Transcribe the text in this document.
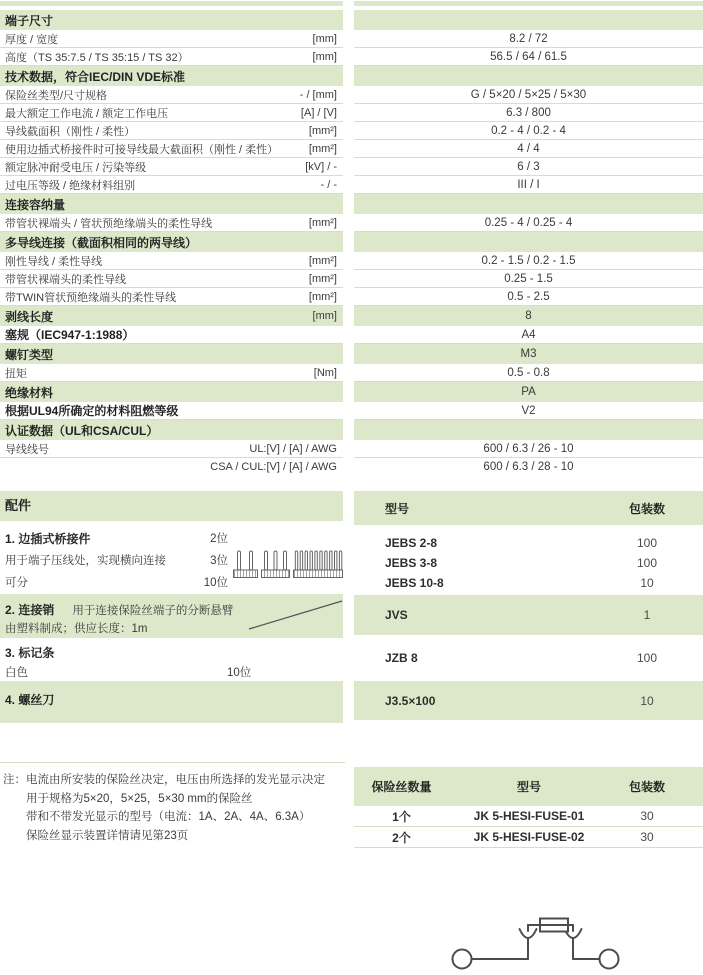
端子尺寸
厚度 / 宽度	[mm]	8.2 / 72
高度（TS 35:7.5 / TS 35:15 / TS 32）	[mm]	56.5 / 64 / 61.5
技术数据，符合IEC/DIN VDE标准
保险丝类型/尺寸规格	- / [mm]	G / 5×20 / 5×25 / 5×30
最大额定工作电流 / 额定工作电压	[A] / [V]	6.3 / 800
导线截面积（刚性 / 柔性）	[mm²]	0.2 - 4 / 0.2 - 4
使用边插式桥接件时可接导线最大截面积（刚性 / 柔性）	[mm²]	4 / 4
额定脉冲耐受电压 / 污染等级	[kV] / -	6 / 3
过电压等级 / 绝缘材料组别	- / -	III / I
连接容纳量
带管状裸端头 / 管状预绝缘端头的柔性导线	[mm²]	0.25 - 4 / 0.25 - 4
多导线连接（截面积相同的两导线）
刚性导线 / 柔性导线	[mm²]	0.2 - 1.5 / 0.2 - 1.5
带管状裸端头的柔性导线	[mm²]	0.25 - 1.5
带TWIN管状预绝缘端头的柔性导线	[mm²]	0.5 - 2.5
剥线长度	[mm]	8
塞规（IEC947-1:1988）	A4
螺钉类型	M3
扭矩	[Nm]	0.5 - 0.8
绝缘材料	PA
根据UL94所确定的材料阻燃等级	V2
认证数据（UL和CSA/CUL）
导线线号	UL:[V] / [A] / AWG	600 / 6.3 / 26 - 10
CSA / CUL:[V] / [A] / AWG	600 / 6.3 / 28 - 10
配件
1. 边插式桥接件	2位
用于端子压线处，实现横向连接	3位
可分	10位
2. 连接销 用于连接保险丝端子的分断悬臂
由塑料制成；供应长度：1m
3. 标记条
白色	10位
4. 螺丝刀
型号	包装数
JEBS 2-8	100
JEBS 3-8	100
JEBS 10-8	10
JVS	1
JZB 8	100
J3.5×100	10
注： 电流由所安装的保险丝决定，电压由所选择的发光显示决定
用于规格为5×20，5×25，5×30 mm的保险丝
带和不带发光显示的型号（电流：1A、2A、4A、6.3A）
保险丝显示装置详情请见第23页
保险丝数量	型号	包装数
1个	JK 5-HESI-FUSE-01	30
2个	JK 5-HESI-FUSE-02	30
